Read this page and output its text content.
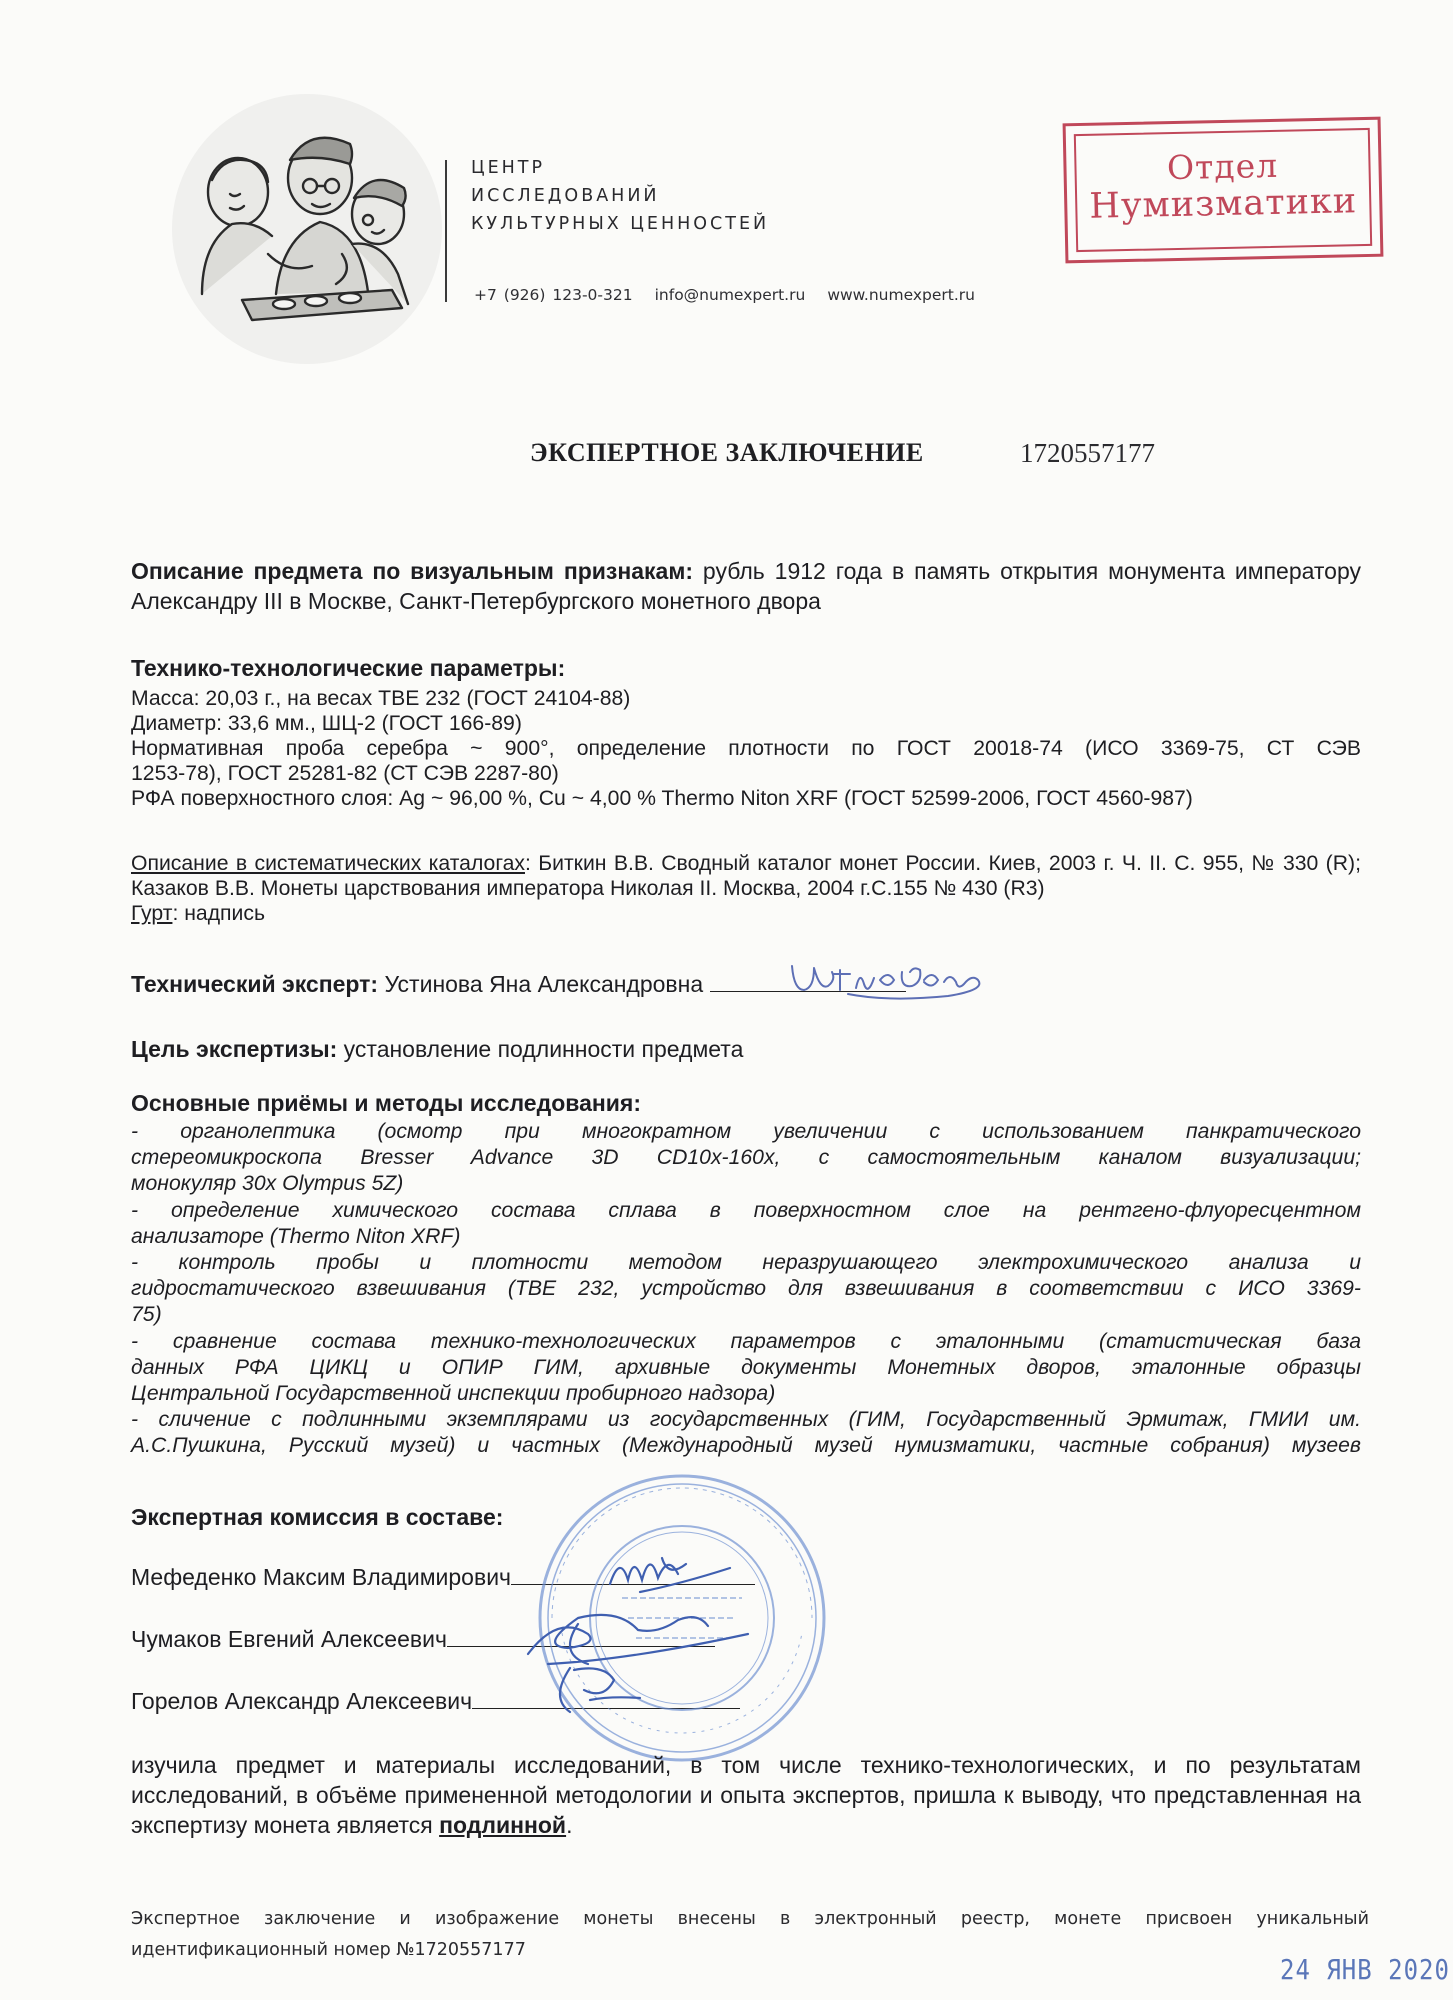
ЦЕНТР
ИССЛЕДОВАНИЙ
КУЛЬТУРНЫХ ЦЕННОСТЕЙ
+7 (926) 123-0-321 info@numexpert.ru www.numexpert.ru
Отдел
Нумизматики
ЭКСПЕРТНОЕ ЗАКЛЮЧЕНИЕ	1720557177
Описание предмета по визуальным признакам: рубль 1912 года в память открытия монумента императору Александру III в Москве, Санкт-Петербургского монетного двора
Технико-технологические параметры:
Масса: 20,03 г., на весах ТВЕ 232 (ГОСТ 24104-88)
Диаметр: 33,6 мм., ШЦ-2 (ГОСТ 166-89)
Нормативная проба серебра ~ 900°, определение плотности по ГОСТ 20018-74 (ИСО 3369-75, СТ СЭВ
1253-78), ГОСТ 25281-82 (СТ СЭВ 2287-80)
РФА поверхностного слоя: Ag ~ 96,00 %, Cu ~ 4,00 % Thermo Niton XRF (ГОСТ 52599-2006, ГОСТ 4560-987)
Описание в систематических каталогах: Биткин В.В. Сводный каталог монет России. Киев, 2003 г. Ч. II. С. 955, № 330 (R); Казаков В.В. Монеты царствования императора Николая II. Москва, 2004 г.С.155 № 430 (R3)
Гурт: надпись
Технический эксперт: Устинова Яна Александровна
Цель экспертизы: установление подлинности предмета
Основные приёмы и методы исследования:
- органолептика (осмотр при многократном увеличении с использованием панкратического
стереомикроскопа Bresser Advance 3D CD10x-160x, с самостоятельным каналом визуализации;
монокуляр 30x Olympus 5Z)
- определение химического состава сплава в поверхностном слое на рентгено-флуоресцентном
анализаторе (Thermo Niton XRF)
- контроль пробы и плотности методом неразрушающего электрохимического анализа и
гидростатического взвешивания (ТВЕ 232, устройство для взвешивания в соответствии с ИСО 3369-
75)
- сравнение состава технико-технологических параметров с эталонными (статистическая база
данных РФА ЦИКЦ и ОПИР ГИМ, архивные документы Монетных дворов, эталонные образцы
Центральной Государственной инспекции пробирного надзора)
- сличение с подлинными экземплярами из государственных (ГИМ, Государственный Эрмитаж, ГМИИ им.
А.С.Пушкина, Русский музей) и частных (Международный музей нумизматики, частные собрания) музеев
Экспертная комиссия в составе:
Мефеденко Максим Владимирович
Чумаков Евгений Алексеевич
Горелов Александр Алексеевич
изучила предмет и материалы исследований, в том числе технико-технологических, и по результатам исследований, в объёме примененной методологии и опыта экспертов, пришла к выводу, что представленная на экспертизу монета является подлинной.
Экспертное заключение и изображение монеты внесены в электронный реестр, монете присвоен уникальный
идентификационный номер №1720557177
24 ЯНВ 2020
